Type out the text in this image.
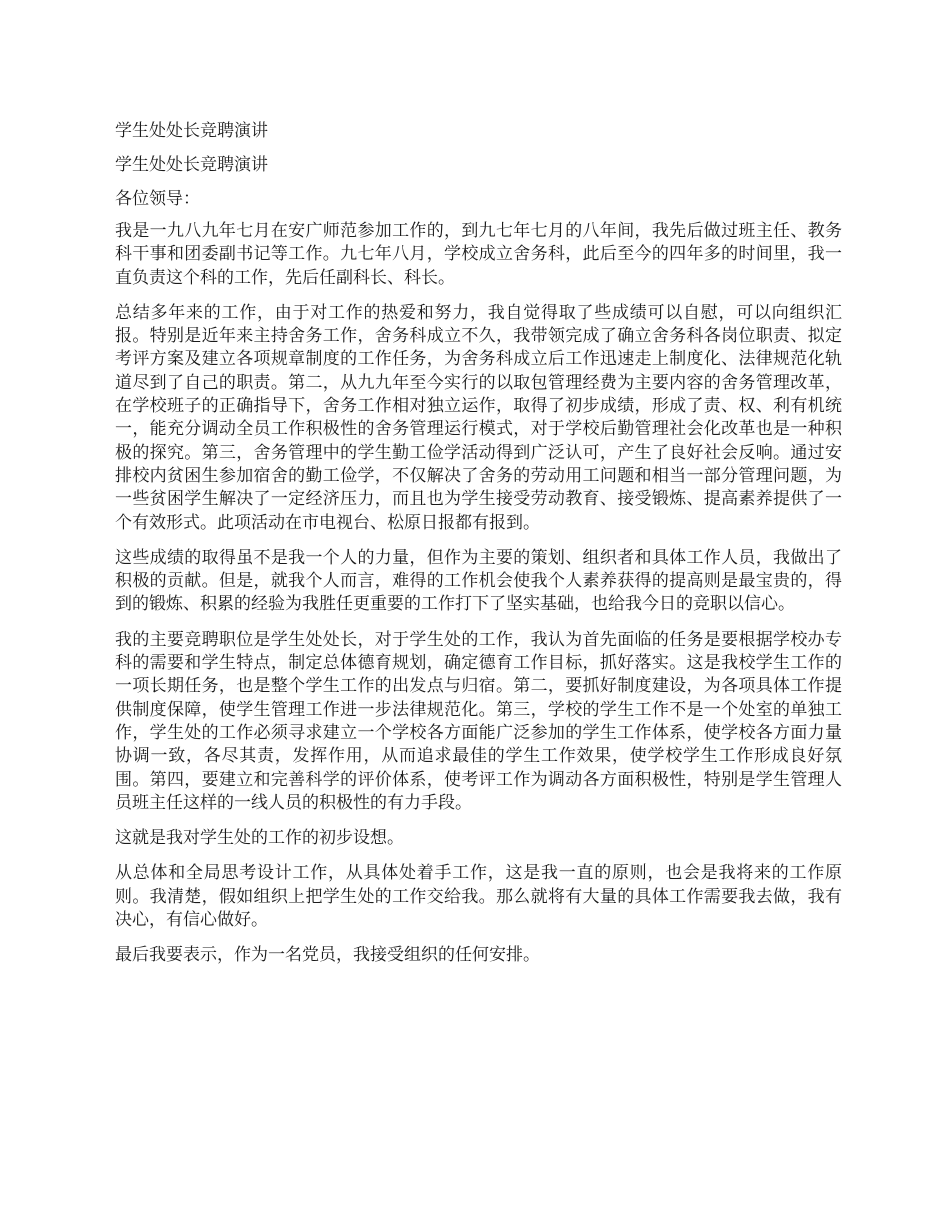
学生处处长竞聘演讲

学生处处长竞聘演讲

各位领导：

我是一九八九年七月在安广师范参加工作的，到九七年七月的八年间，我先后做过班主任、教务科干事和团委副书记等工作。九七年八月，学校成立舍务科，此后至今的四年多的时间里，我一直负责这个科的工作，先后任副科长、科长。

总结多年来的工作，由于对工作的热爱和努力，我自觉得取了些成绩可以自慰，可以向组织汇报。特别是近年来主持舍务工作，舍务科成立不久，我带领完成了确立舍务科各岗位职责、拟定考评方案及建立各项规章制度的工作任务，为舍务科成立后工作迅速走上制度化、法律规范化轨道尽到了自己的职责。第二，从九九年至今实行的以取包管理经费为主要内容的舍务管理改革，在学校班子的正确指导下，舍务工作相对独立运作，取得了初步成绩，形成了责、权、利有机统一，能充分调动全员工作积极性的舍务管理运行模式，对于学校后勤管理社会化改革也是一种积极的探究。第三，舍务管理中的学生勤工俭学活动得到广泛认可，产生了良好社会反响。通过安排校内贫困生参加宿舍的勤工俭学，不仅解决了舍务的劳动用工问题和相当一部分管理问题，为一些贫困学生解决了一定经济压力，而且也为学生接受劳动教育、接受锻炼、提高素养提供了一个有效形式。此项活动在市电视台、松原日报都有报到。

这些成绩的取得虽不是我一个人的力量，但作为主要的策划、组织者和具体工作人员，我做出了积极的贡献。但是，就我个人而言，难得的工作机会使我个人素养获得的提高则是最宝贵的，得到的锻炼、积累的经验为我胜任更重要的工作打下了坚实基础，也给我今日的竞职以信心。

我的主要竞聘职位是学生处处长，对于学生处的工作，我认为首先面临的任务是要根据学校办专科的需要和学生特点，制定总体德育规划，确定德育工作目标，抓好落实。这是我校学生工作的一项长期任务，也是整个学生工作的出发点与归宿。第二，要抓好制度建设，为各项具体工作提供制度保障，使学生管理工作进一步法律规范化。第三，学校的学生工作不是一个处室的单独工作，学生处的工作必须寻求建立一个学校各方面能广泛参加的学生工作体系，使学校各方面力量协调一致，各尽其责，发挥作用，从而追求最佳的学生工作效果，使学校学生工作形成良好氛围。第四，要建立和完善科学的评价体系，使考评工作为调动各方面积极性，特别是学生管理人员班主任这样的一线人员的积极性的有力手段。

这就是我对学生处的工作的初步设想。

从总体和全局思考设计工作，从具体处着手工作，这是我一直的原则，也会是我将来的工作原则。我清楚，假如组织上把学生处的工作交给我。那么就将有大量的具体工作需要我去做，我有决心，有信心做好。

最后我要表示，作为一名党员，我接受组织的任何安排。
